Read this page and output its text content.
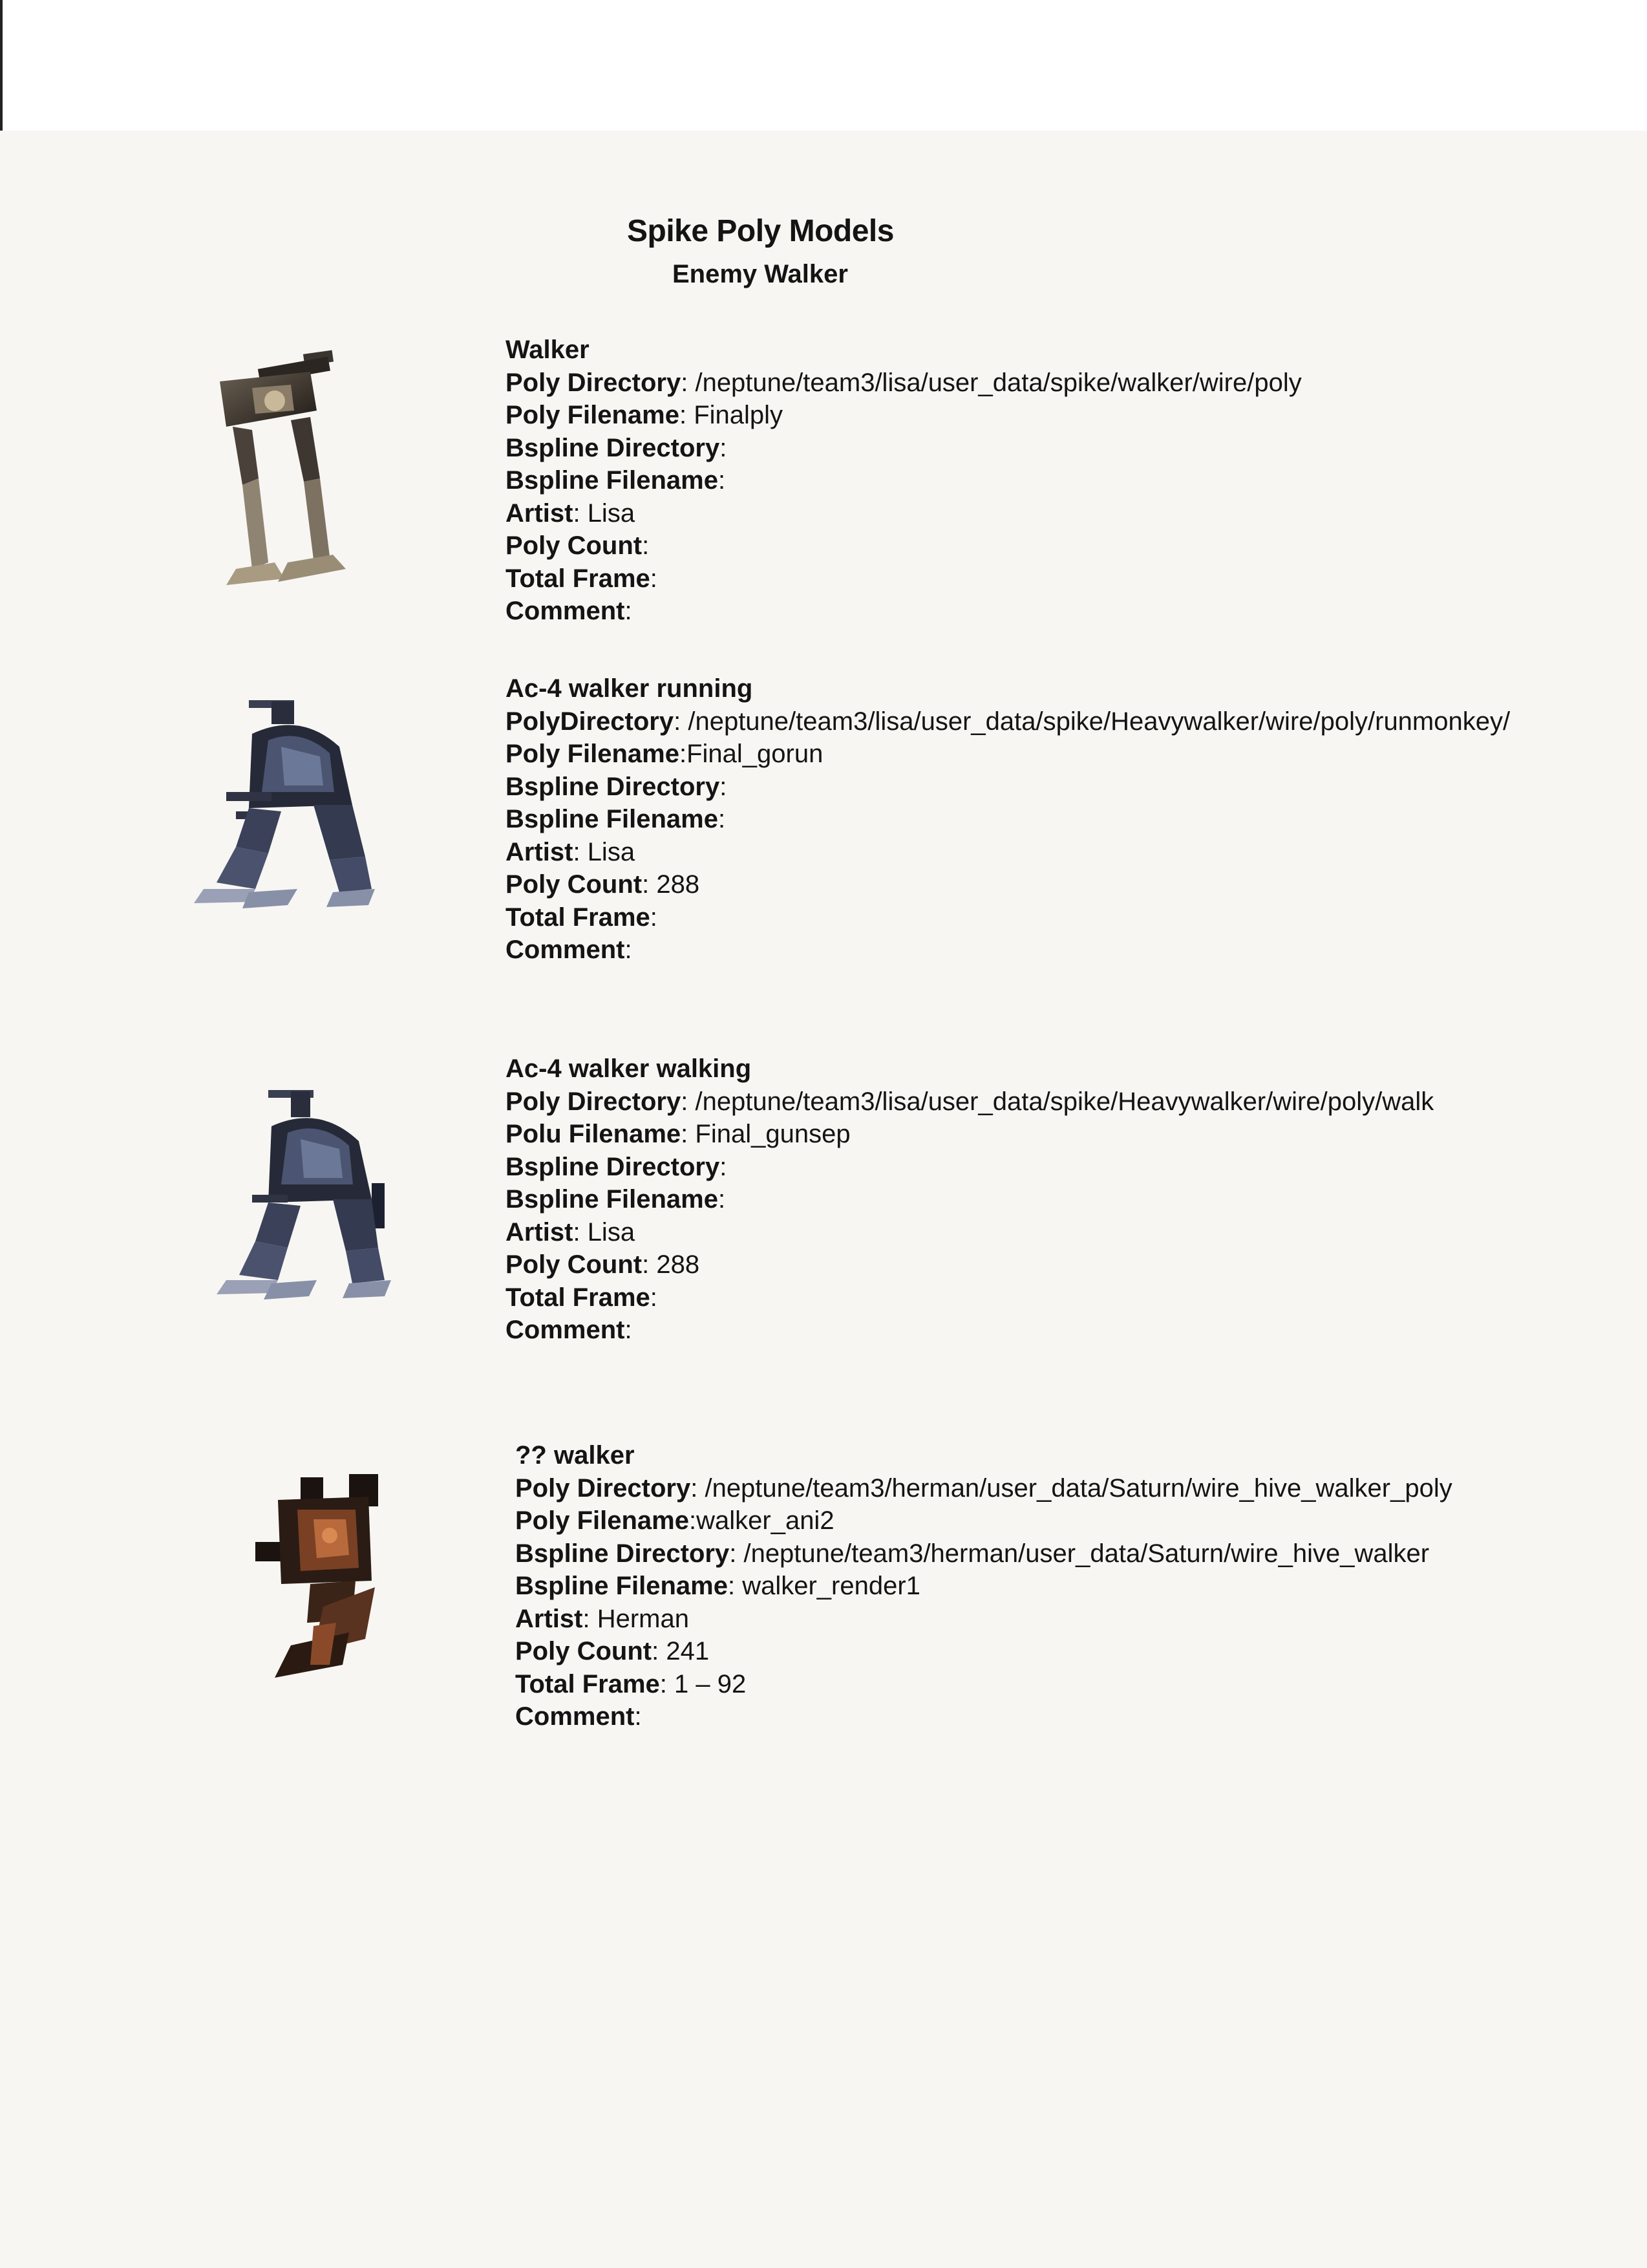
Spike Poly Models
Enemy Walker
Walker
Poly Directory: /neptune/team3/lisa/user_data/spike/walker/wire/poly
Poly Filename: Finalply
Bspline Directory:
Bspline Filename:
Artist: Lisa
Poly Count:
Total Frame:
Comment:
Ac-4 walker running
PolyDirectory: /neptune/team3/lisa/user_data/spike/Heavywalker/wire/poly/runmonkey/
Poly Filename:Final_gorun
Bspline Directory:
Bspline Filename:
Artist: Lisa
Poly Count: 288
Total Frame:
Comment:
Ac-4 walker walking
Poly Directory: /neptune/team3/lisa/user_data/spike/Heavywalker/wire/poly/walk
Polu Filename: Final_gunsep
Bspline Directory:
Bspline Filename:
Artist: Lisa
Poly Count: 288
Total Frame:
Comment:
?? walker
Poly Directory: /neptune/team3/herman/user_data/Saturn/wire_hive_walker_poly
Poly Filename:walker_ani2
Bspline Directory: /neptune/team3/herman/user_data/Saturn/wire_hive_walker
Bspline Filename: walker_render1
Artist: Herman
Poly Count: 241
Total Frame: 1 – 92
Comment:
